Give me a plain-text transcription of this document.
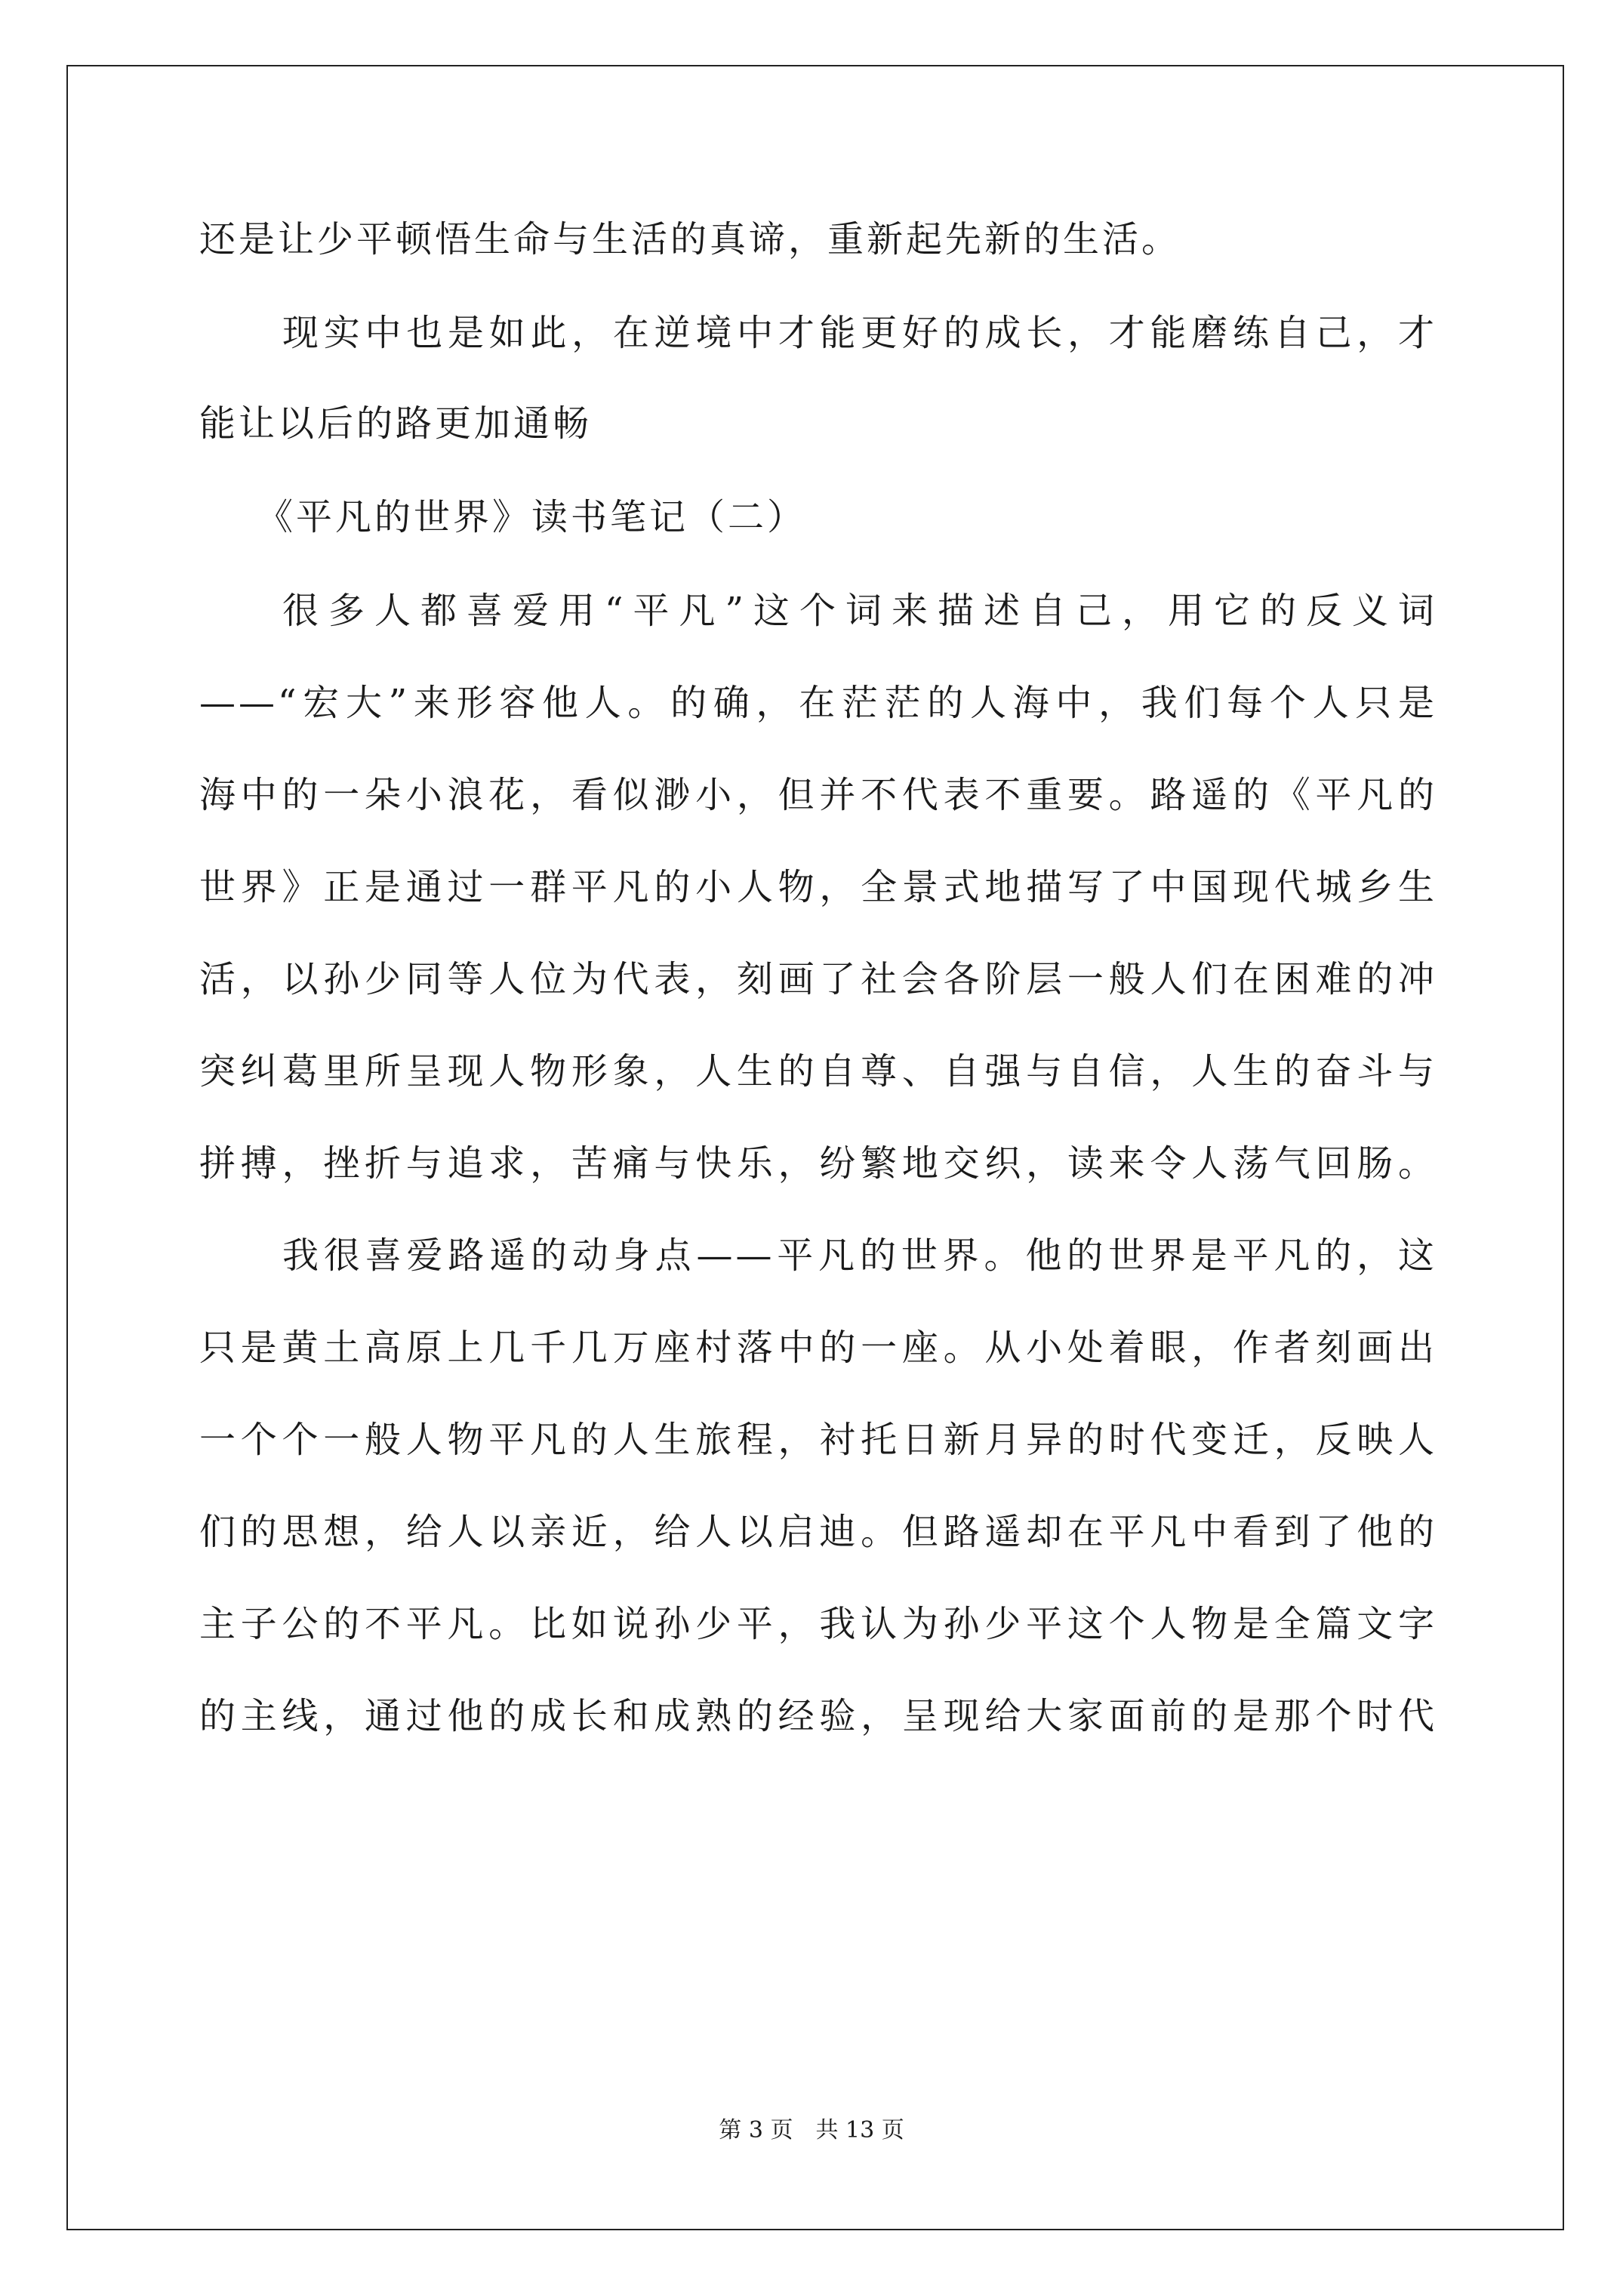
还是让少平顿悟生命与生活的真谛，重新起先新的生活。
现实中也是如此，在逆境中才能更好的成长，才能磨练自己，才
能让以后的路更加通畅
《平凡的世界》读书笔记（二）
很多人都喜爱用“平凡”这个词来描述自己，用它的反义词
——“宏大”来形容他人。的确，在茫茫的人海中，我们每个人只是
海中的一朵小浪花，看似渺小，但并不代表不重要。路遥的《平凡的
世界》正是通过一群平凡的小人物，全景式地描写了中国现代城乡生
活，以孙少同等人位为代表，刻画了社会各阶层一般人们在困难的冲
突纠葛里所呈现人物形象，人生的自尊、自强与自信，人生的奋斗与
拼搏，挫折与追求，苦痛与快乐，纷繁地交织，读来令人荡气回肠。
我很喜爱路遥的动身点——平凡的世界。他的世界是平凡的，这
只是黄土高原上几千几万座村落中的一座。从小处着眼，作者刻画出
一个个一般人物平凡的人生旅程，衬托日新月异的时代变迁，反映人
们的思想，给人以亲近，给人以启迪。但路遥却在平凡中看到了他的
主子公的不平凡。比如说孙少平，我认为孙少平这个人物是全篇文字
的主线，通过他的成长和成熟的经验，呈现给大家面前的是那个时代
第 3 页　共 13 页
